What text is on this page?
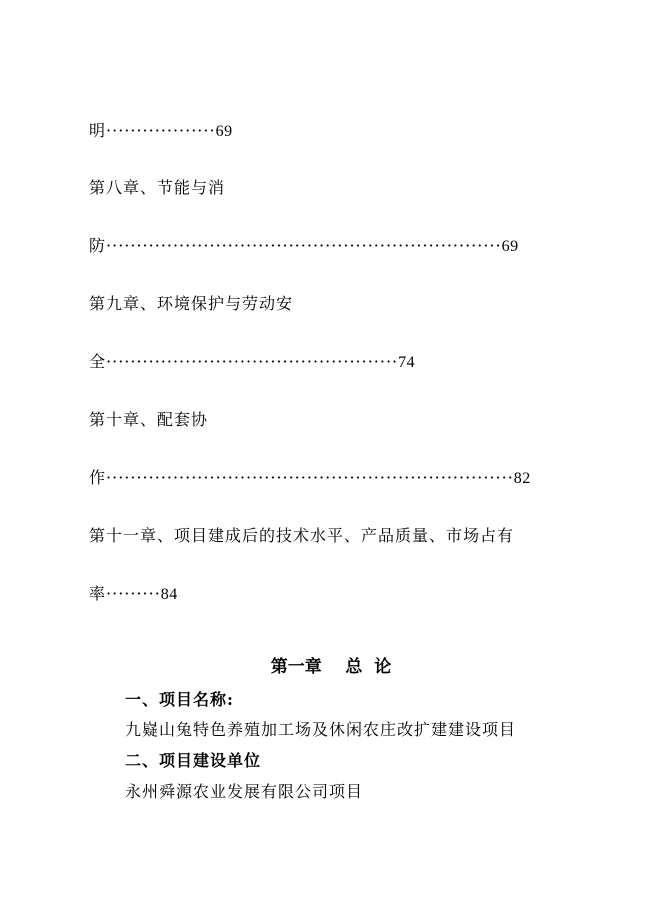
明··················69
第八章、节能与消
防·································································69
第九章、环境保护与劳动安
全················································74
第十章、配套协
作···································································82
第十一章、项目建成后的技术水平、产品质量、市场占有
率·········84
第一章    总  论
一、项目名称:
九嶷山兔特色养殖加工场及休闲农庄改扩建建设项目
二、项目建设单位
永州舜源农业发展有限公司项目
